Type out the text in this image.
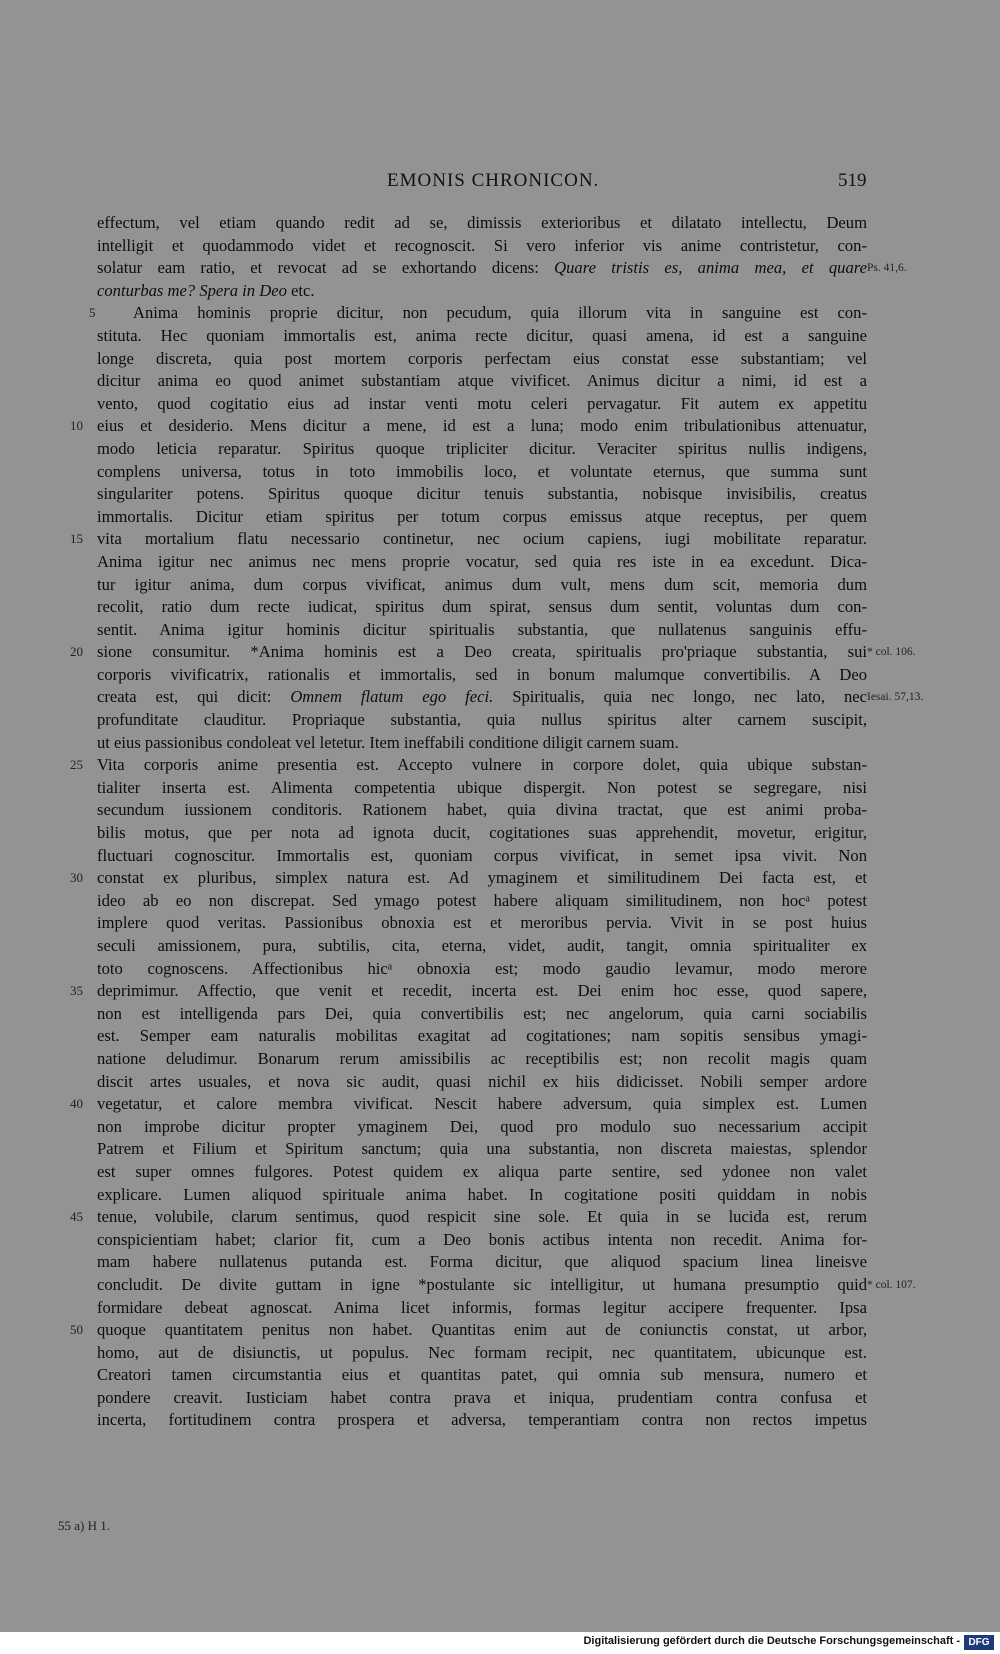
EMONIS CHRONICON.	519
effectum, vel etiam quando redit ad se, dimissis exterioribus et dilatato intellectu, Deum
intelligit et quodammodo videt et recognoscit. Si vero inferior vis anime contristetur, con-
solatur eam ratio, et revocat ad se exhortando dicens: Quare tristis es, anima mea, et quare Ps. 41,6.
conturbas me? Spera in Deo etc.
5 Anima hominis proprie dicitur, non pecudum, quia illorum vita in sanguine est con-
stituta. Hec quoniam immortalis est, anima recte dicitur, quasi amena, id est a sanguine
longe discreta, quia post mortem corporis perfectam eius constat esse substantiam; vel
dicitur anima eo quod animet substantiam atque vivificet. Animus dicitur a nimi, id est a
vento, quod cogitatio eius ad instar venti motu celeri pervagatur. Fit autem ex appetitu
10 eius et desiderio. Mens dicitur a mene, id est a luna; modo enim tribulationibus attenuatur,
modo leticia reparatur. Spiritus quoque tripliciter dicitur. Veraciter spiritus nullis indigens,
complens universa, totus in toto immobilis loco, et voluntate eternus, que summa sunt
singulariter potens. Spiritus quoque dicitur tenuis substantia, nobisque invisibilis, creatus
immortalis. Dicitur etiam spiritus per totum corpus emissus atque receptus, per quem
15 vita mortalium flatu necessario continetur, nec ocium capiens, iugi mobilitate reparatur.
Anima igitur nec animus nec mens proprie vocatur, sed quia res iste in ea excedunt. Dica-
tur igitur anima, dum corpus vivificat, animus dum vult, mens dum scit, memoria dum
recolit, ratio dum recte iudicat, spiritus dum spirat, sensus dum sentit, voluntas dum con-
sentit. Anima igitur hominis dicitur spiritualis substantia, que nullatenus sanguinis effu-
20 sione consumitur. *Anima hominis est a Deo creata, spiritualis pro'priaque substantia, sui * col. 106.
corporis vivificatrix, rationalis et immortalis, sed in bonum malumque convertibilis. A Deo
creata est, qui dicit: Omnem flatum ego feci. Spiritualis, quia nec longo, nec lato, nec Iesai. 57,13.
profunditate clauditur. Propriaque substantia, quia nullus spiritus alter carnem suscipit,
ut eius passionibus condoleat vel letetur. Item ineffabili conditione diligit carnem suam.
25 Vita corporis anime presentia est. Accepto vulnere in corpore dolet, quia ubique substan-
tialiter inserta est. Alimenta competentia ubique dispergit. Non potest se segregare, nisi
secundum iussionem conditoris. Rationem habet, quia divina tractat, que est animi proba-
bilis motus, que per nota ad ignota ducit, cogitationes suas apprehendit, movetur, erigitur,
fluctuari cognoscitur. Immortalis est, quoniam corpus vivificat, in semet ipsa vivit. Non
30 constat ex pluribus, simplex natura est. Ad ymaginem et similitudinem Dei facta est, et
ideo ab eo non discrepat. Sed ymago potest habere aliquam similitudinem, non hocᵃ potest
implere quod veritas. Passionibus obnoxia est et meroribus pervia. Vivit in se post huius
seculi amissionem, pura, subtilis, cita, eterna, videt, audit, tangit, omnia spiritualiter ex
toto cognoscens. Affectionibus hicᵃ obnoxia est; modo gaudio levamur, modo merore
35 deprimimur. Affectio, que venit et recedit, incerta est. Dei enim hoc esse, quod sapere,
non est intelligenda pars Dei, quia convertibilis est; nec angelorum, quia carni sociabilis
est. Semper eam naturalis mobilitas exagitat ad cogitationes; nam sopitis sensibus ymagi-
natione deludimur. Bonarum rerum amissibilis ac receptibilis est; non recolit magis quam
discit artes usuales, et nova sic audit, quasi nichil ex hiis didicisset. Nobili semper ardore
40 vegetatur, et calore membra vivificat. Nescit habere adversum, quia simplex est. Lumen
non improbe dicitur propter ymaginem Dei, quod pro modulo suo necessarium accipit
Patrem et Filium et Spiritum sanctum; quia una substantia, non discreta maiestas, splendor
est super omnes fulgores. Potest quidem ex aliqua parte sentire, sed ydonee non valet
explicare. Lumen aliquod spirituale anima habet. In cogitatione positi quiddam in nobis
45 tenue, volubile, clarum sentimus, quod respicit sine sole. Et quia in se lucida est, rerum
conspicientiam habet; clarior fit, cum a Deo bonis actibus intenta non recedit. Anima for-
mam habere nullatenus putanda est. Forma dicitur, que aliquod spacium linea lineisve
concludit. De divite guttam in igne *postulante sic intelligitur, ut humana presumptio quid * col. 107.
formidare debeat agnoscat. Anima licet informis, formas legitur accipere frequenter. Ipsa
50 quoque quantitatem penitus non habet. Quantitas enim aut de coniunctis constat, ut arbor,
homo, aut de disiunctis, ut populus. Nec formam recipit, nec quantitatem, ubicunque est.
Creatori tamen circumstantia eius et quantitas patet, qui omnia sub mensura, numero et
pondere creavit. Iusticiam habet contra prava et iniqua, prudentiam contra confusa et
incerta, fortitudinem contra prospera et adversa, temperantiam contra non rectos impetus
55 a) H 1.
Digitalisierung gefördert durch die Deutsche Forschungsgemeinschaft - DFG
